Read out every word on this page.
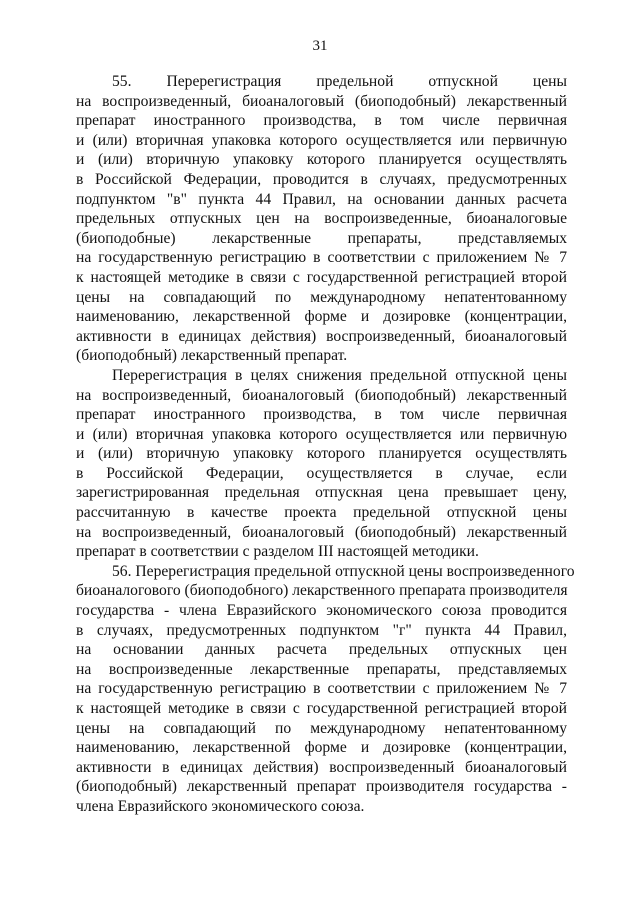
31
55. Перерегистрация предельной отпускной цены
на воспроизведенный, биоаналоговый (биоподобный) лекарственный
препарат иностранного производства, в том числе первичная
и (или) вторичная упаковка которого осуществляется или первичную
и (или) вторичную упаковку которого планируется осуществлять
в Российской Федерации, проводится в случаях, предусмотренных
подпунктом "в" пункта 44 Правил, на основании данных расчета
предельных отпускных цен на воспроизведенные, биоаналоговые
(биоподобные) лекарственные препараты, представляемых
на государственную регистрацию в соответствии с приложением № 7
к настоящей методике в связи с государственной регистрацией второй
цены на совпадающий по международному непатентованному
наименованию, лекарственной форме и дозировке (концентрации,
активности в единицах действия) воспроизведенный, биоаналоговый
(биоподобный) лекарственный препарат.
Перерегистрация в целях снижения предельной отпускной цены
на воспроизведенный, биоаналоговый (биоподобный) лекарственный
препарат иностранного производства, в том числе первичная
и (или) вторичная упаковка которого осуществляется или первичную
и (или) вторичную упаковку которого планируется осуществлять
в Российской Федерации, осуществляется в случае, если
зарегистрированная предельная отпускная цена превышает цену,
рассчитанную в качестве проекта предельной отпускной цены
на воспроизведенный, биоаналоговый (биоподобный) лекарственный
препарат в соответствии с разделом III настоящей методики.
56. Перерегистрация предельной отпускной цены воспроизведенного
биоаналогового (биоподобного) лекарственного препарата производителя
государства - члена Евразийского экономического союза проводится
в случаях, предусмотренных подпунктом "г" пункта 44 Правил,
на основании данных расчета предельных отпускных цен
на воспроизведенные лекарственные препараты, представляемых
на государственную регистрацию в соответствии с приложением № 7
к настоящей методике в связи с государственной регистрацией второй
цены на совпадающий по международному непатентованному
наименованию, лекарственной форме и дозировке (концентрации,
активности в единицах действия) воспроизведенный биоаналоговый
(биоподобный) лекарственный препарат производителя государства -
члена Евразийского экономического союза.
